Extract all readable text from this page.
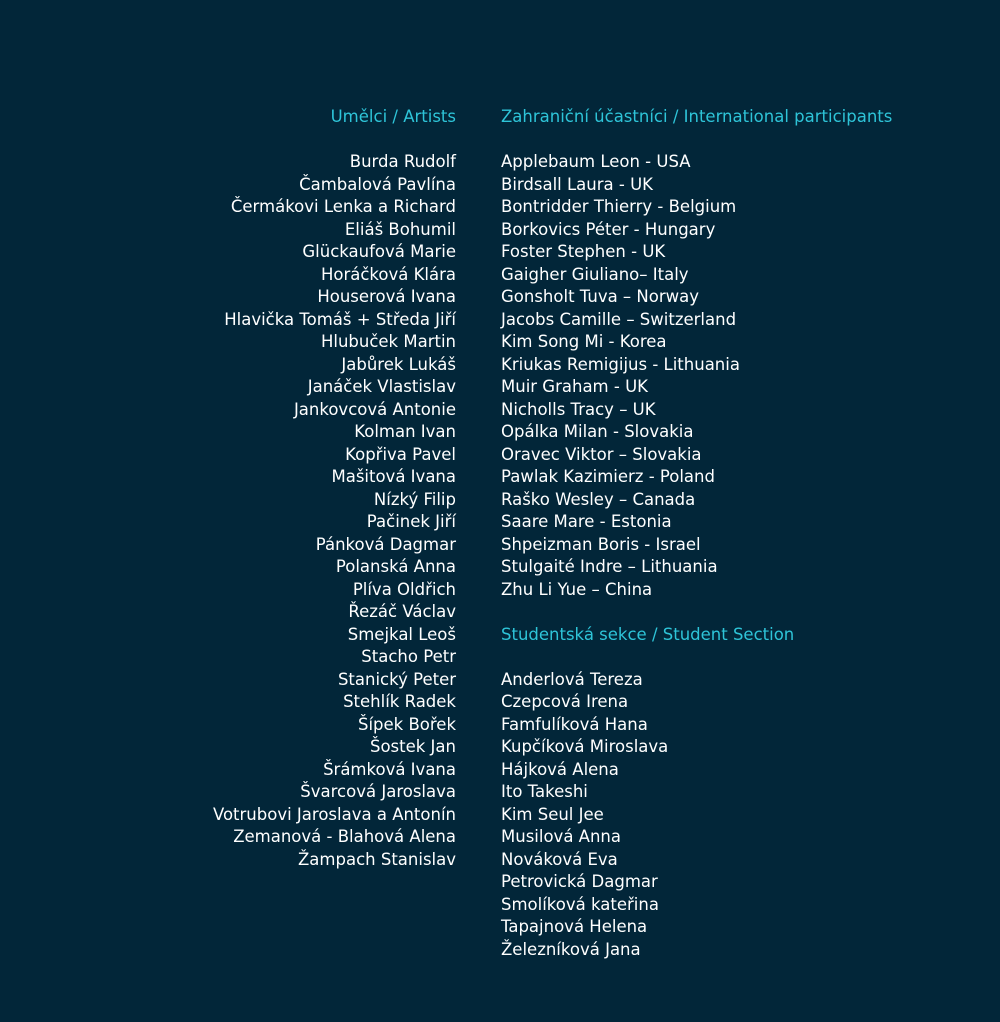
Umělci / Artists
Burda Rudolf
Čambalová Pavlína
Čermákovi Lenka a Richard
Eliáš Bohumil
Glückaufová Marie
Horáčková Klára
Houserová Ivana
Hlavička Tomáš + Středa Jiří
Hlubuček Martin
Jabůrek Lukáš
Janáček Vlastislav
Jankovcová Antonie
Kolman Ivan
Kopřiva Pavel
Mašitová Ivana
Nízký Filip
Pačinek Jiří
Pánková Dagmar
Polanská Anna
Plíva Oldřich
Řezáč Václav
Smejkal Leoš
Stacho Petr
Stanický Peter
Stehlík Radek
Šípek Bořek
Šostek Jan
Šrámková Ivana
Švarcová Jaroslava
Votrubovi Jaroslava a Antonín
Zemanová - Blahová Alena
Žampach Stanislav
Zahraniční účastníci / International participants
Applebaum Leon - USA
Birdsall Laura - UK
Bontridder Thierry - Belgium
Borkovics Péter - Hungary
Foster Stephen - UK
Gaigher Giuliano– Italy
Gonsholt Tuva – Norway
Jacobs Camille – Switzerland
Kim Song Mi - Korea
Kriukas Remigijus - Lithuania
Muir Graham - UK
Nicholls Tracy – UK
Opálka Milan - Slovakia
Oravec Viktor – Slovakia
Pawlak Kazimierz - Poland
Raško Wesley – Canada
Saare Mare - Estonia
Shpeizman Boris - Israel
Stulgaité Indre – Lithuania
Zhu Li Yue – China
Studentská sekce / Student Section
Anderlová Tereza
Czepcová Irena
Famfulíková Hana
Kupčíková Miroslava
Hájková Alena
Ito Takeshi
Kim Seul Jee
Musilová Anna
Nováková Eva
Petrovická Dagmar
Smolíková kateřina
Tapajnová Helena
Železníková Jana
